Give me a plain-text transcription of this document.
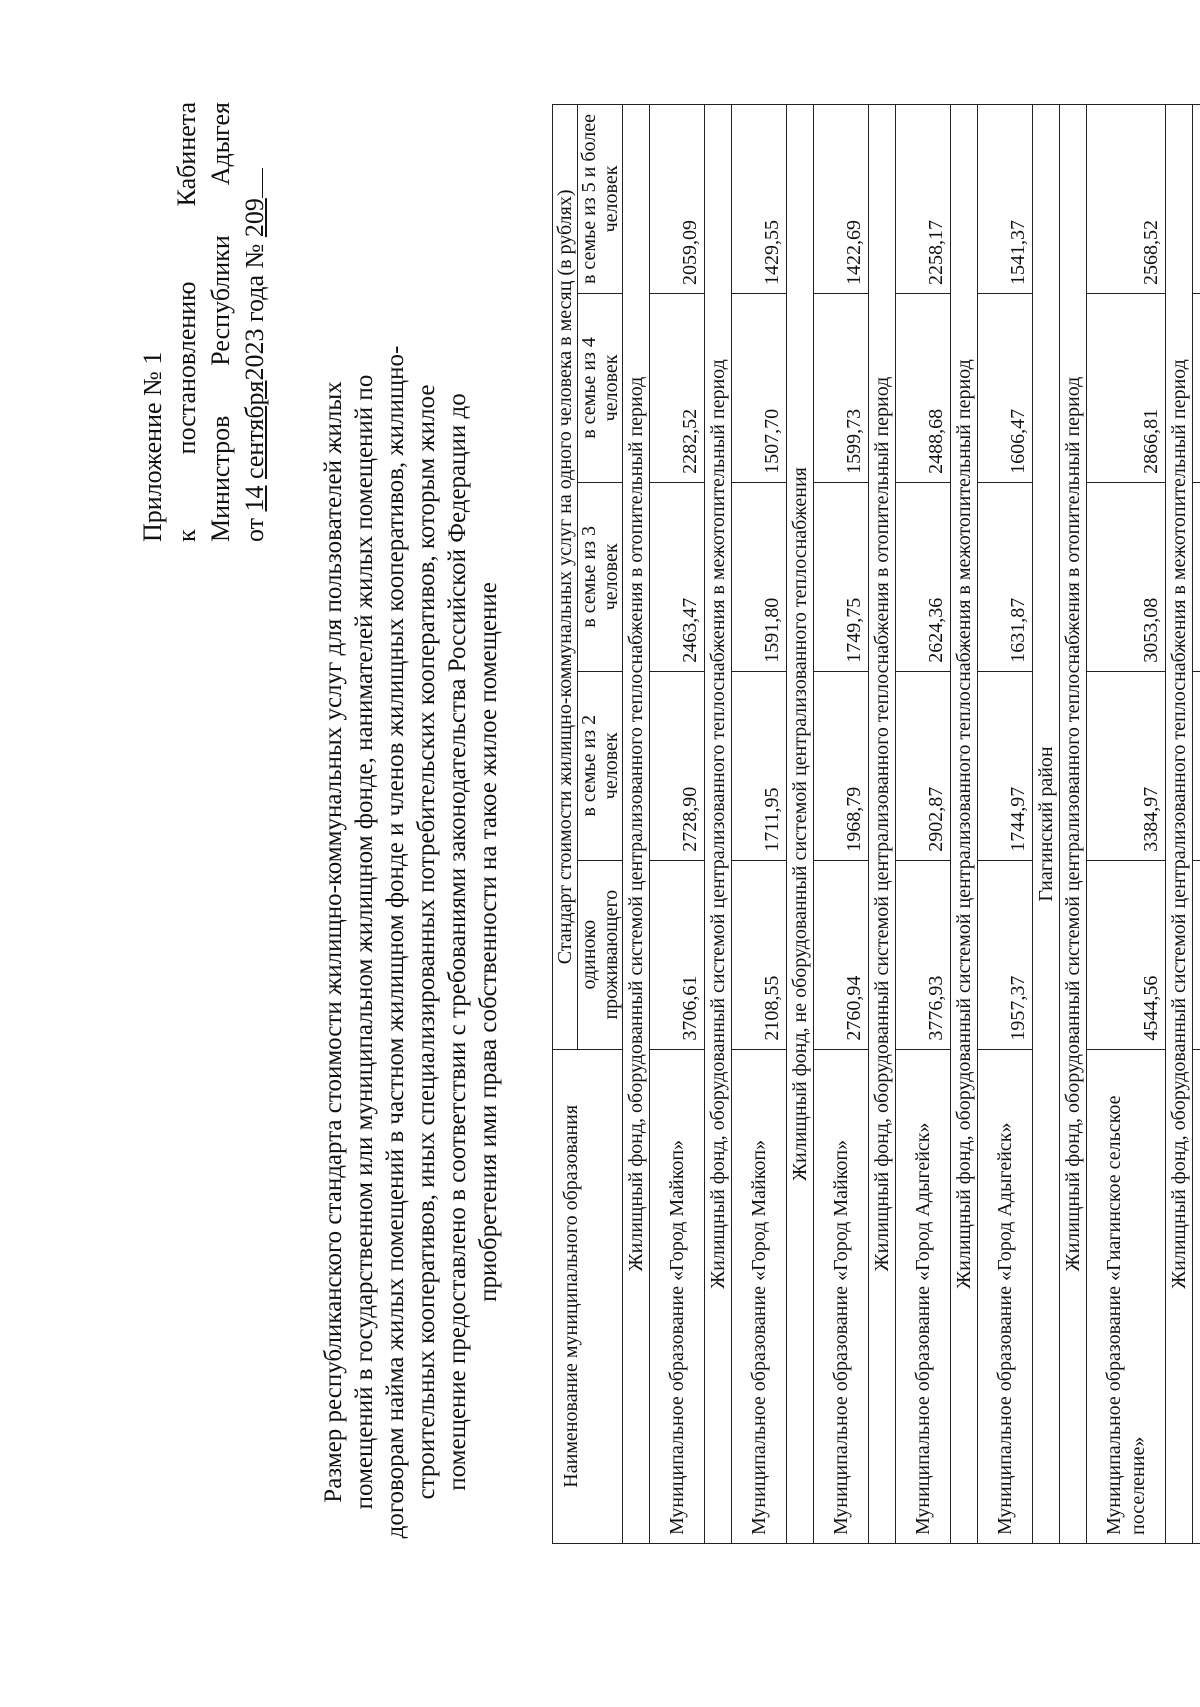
Приложение № 1 к
постановлению
Кабинета
Министров
Республики
Адыгея
от 14 сентября2023 года № 209
Размер республиканского стандарта стоимости жилищно-коммунальных услуг для пользователей жилых помещений в государственном или муниципальном жилищном фонде, нанимателей жилых помещений по договорам найма жилых помещений в частном жилищном фонде и членов жилищных кооперативов, жилищно-строительных кооперативов, иных специализированных потребительских кооперативов, которым жилое помещение предоставлено в соответствии с требованиями законодательства Российской Федерации до приобретения ими права собственности на такое жилое помещение	Наименование муниципального образования	Стандарт стоимости жилищно-коммунальных услуг на одного человека в месяц (в рублях)				
	одиноко проживающего	в семье из 2 человек	в семье из 3 человек	в семье из 4 человек	в семье из 5 и более человек
Жилищный фонд, оборудованный системой централизованного теплоснабжения в отопительный период					
Муниципальное образование «Город Майкоп»	3706,61	2728,90	2463,47	2282,52	2059,09
Жилищный фонд, оборудованный системой централизованного теплоснабжения в межотопительный период					
Муниципальное образование «Город Майкоп»	2108,55	1711,95	1591,80	1507,70	1429,55
Жилищный фонд, не оборудованный системой централизованного теплоснабжения					
Муниципальное образование «Город Майкоп»	2760,94	1968,79	1749,75	1599,73	1422,69
Жилищный фонд, оборудованный системой централизованного теплоснабжения в отопительный период					
Муниципальное образование «Город Адыгейск»	3776,93	2902,87	2624,36	2488,68	2258,17
Жилищный фонд, оборудованный системой централизованного теплоснабжения в межотопительный период					
Муниципальное образование «Город Адыгейск»	1957,37	1744,97	1631,87	1606,47	1541,37
Гиагинский район					
Жилищный фонд, оборудованный системой централизованного теплоснабжения в отопительный период					
Муниципальное образование «Гиагинское сельское поселение»	4544,56	3384,97	3053,08	2866,81	2568,52
Жилищный фонд, оборудованный системой централизованного теплоснабжения в межотопительный период					
